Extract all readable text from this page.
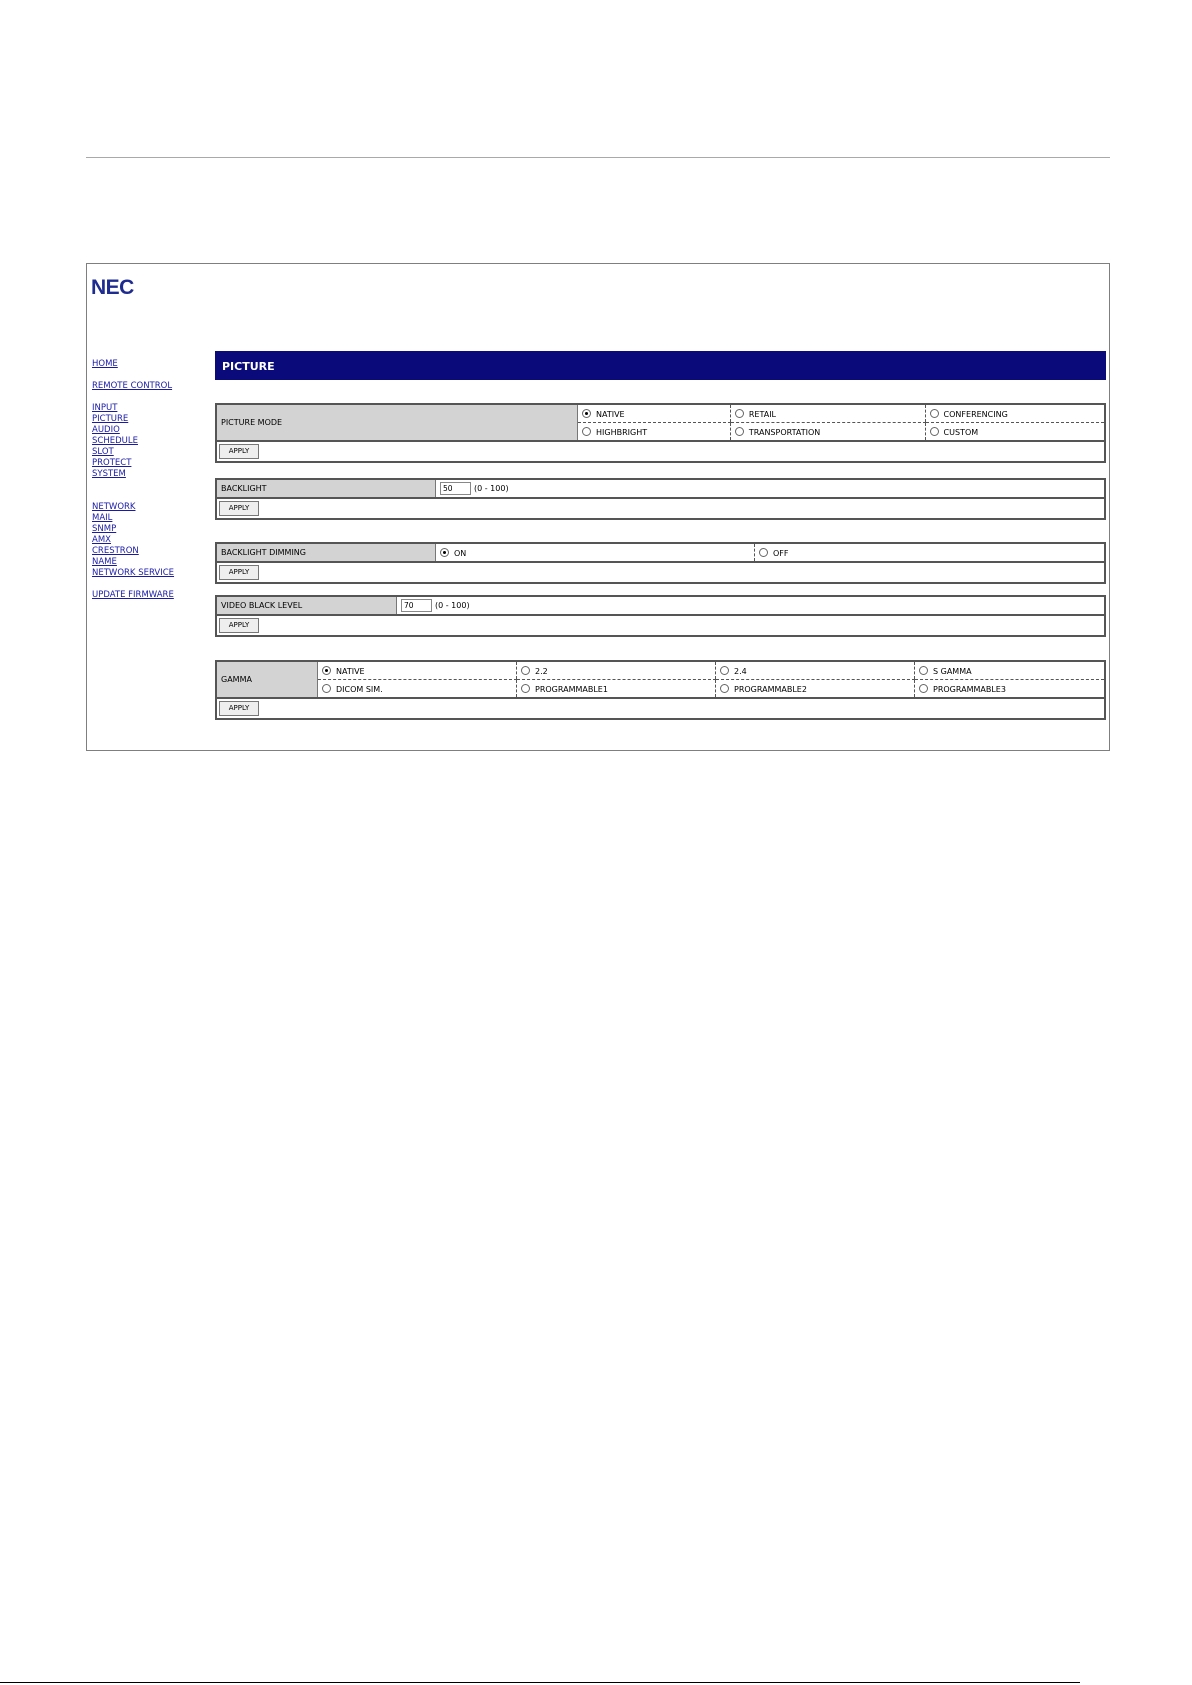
NEC
HOME
REMOTE CONTROL
INPUT
PICTURE
AUDIO
SCHEDULE
SLOT
PROTECT
SYSTEM
NETWORK
MAIL
SNMP
AMX
CRESTRON
NAME
NETWORK SERVICE
UPDATE FIRMWARE
PICTURE
PICTURE MODE	NATIVE	RETAIL	CONFERENCING
	HIGHBRIGHT	TRANSPORTATION	CUSTOM
APPLY
BACKLIGHT	50	(0 - 100)
APPLY
BACKLIGHT DIMMING	ON	OFF
APPLY
VIDEO BLACK LEVEL	70	(0 - 100)
APPLY
GAMMA	NATIVE	2.2	2.4	S GAMMA
	DICOM SIM.	PROGRAMMABLE1	PROGRAMMABLE2	PROGRAMMABLE3
APPLY
